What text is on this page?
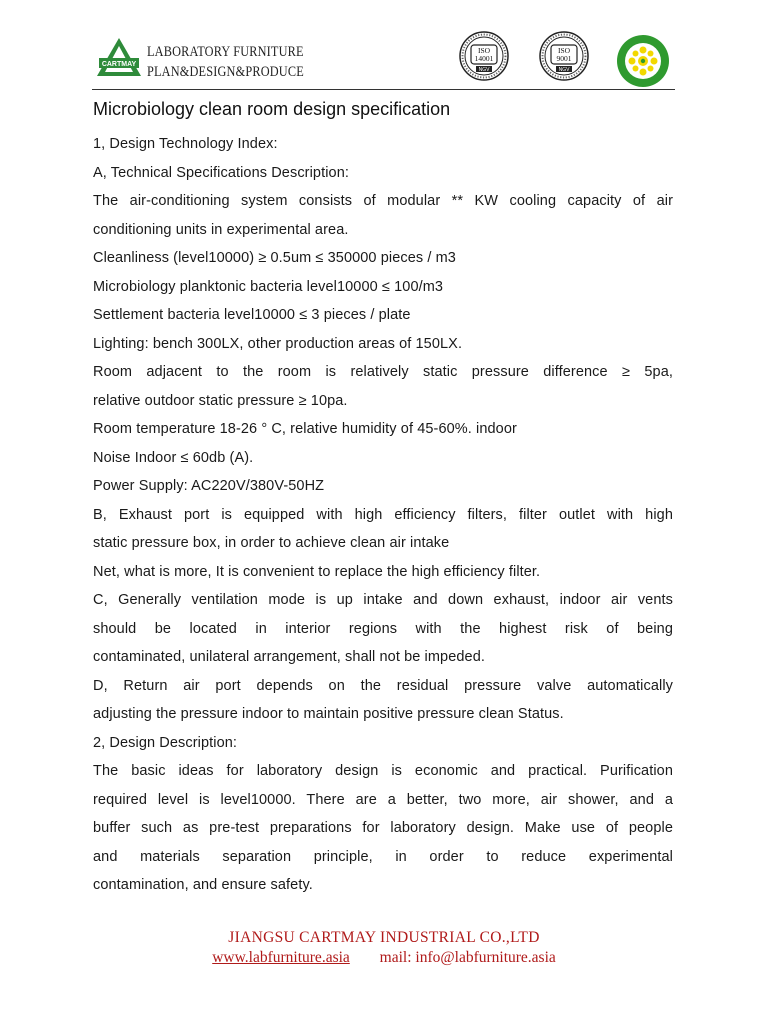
CARTMAY
LABORATORY FURNITURE
PLAN&DESIGN&PRODUCE
ISO
14001
NGV
ISO
9001
NGV
Microbiology clean room design specification

1, Design Technology Index:

A, Technical Specifications Description:

The air-conditioning system consists of modular ** KW cooling capacity of air

conditioning units in experimental area.

Cleanliness (level10000) ≥ 0.5um ≤ 350000 pieces / m3

Microbiology planktonic bacteria level10000 ≤ 100/m3

Settlement bacteria level10000 ≤ 3 pieces / plate

Lighting: bench 300LX, other production areas of 150LX.

Room adjacent to the room is relatively static pressure difference ≥ 5pa,

relative outdoor static pressure ≥ 10pa.

Room temperature 18-26 ° C, relative humidity of 45-60%. indoor

Noise Indoor ≤ 60db (A).

Power Supply: AC220V/380V-50HZ

B, Exhaust port is equipped with high efficiency filters, filter outlet with high

static pressure box, in order to achieve clean air intake

Net, what is more, It is convenient to replace the high efficiency filter.

C, Generally ventilation mode is up intake and down exhaust, indoor air vents

should be located in interior regions with the highest risk of being

contaminated, unilateral arrangement, shall not be impeded.

D, Return air port depends on the residual pressure valve automatically

adjusting the pressure indoor to maintain positive pressure clean Status.

2, Design Description:

The basic ideas for laboratory design is economic and practical. Purification

required level is level10000. There are a better, two more, air shower, and a

buffer such as pre-test preparations for laboratory design. Make use of people

and materials separation principle, in order to reduce experimental

contamination, and ensure safety.

JIANGSU CARTMAY INDUSTRIAL CO.,LTD
www.labfurniture.asia mail: info@labfurniture.asia
